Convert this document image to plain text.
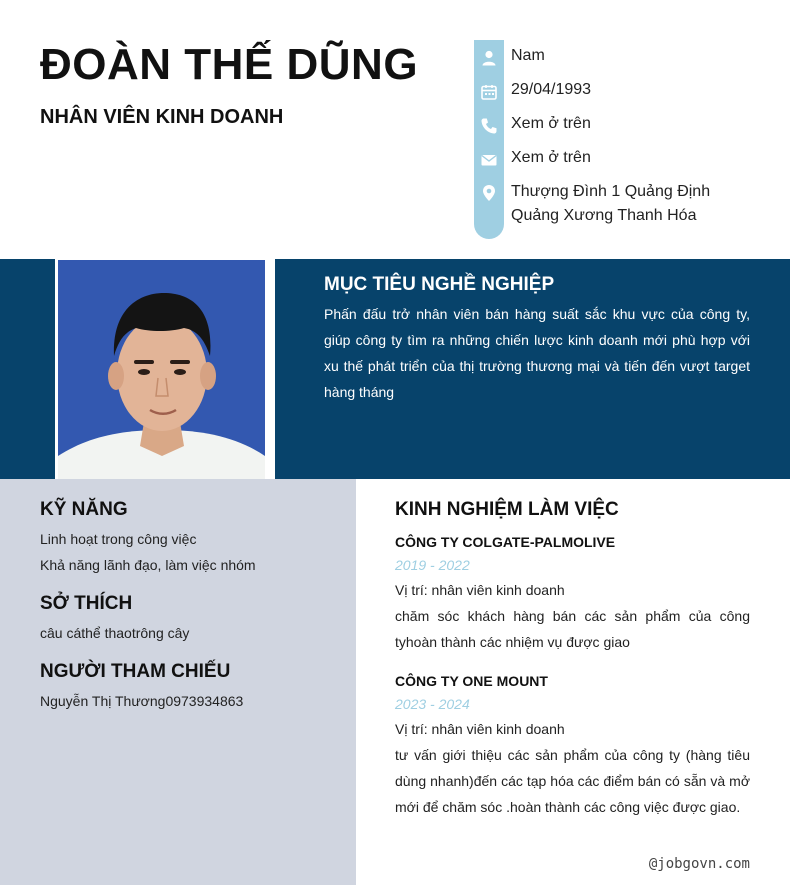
ĐOÀN THẾ DŨNG
NHÂN VIÊN KINH DOANH

Nam

29/04/1993

Xem ở trên

Xem ở trên

Thượng Đình 1 Quảng Định
Quảng Xương Thanh Hóa
MỤC TIÊU NGHỀ NGHIỆP

Phấn đấu trở nhân viên bán hàng suất sắc khu vực của công ty, giúp công ty tìm ra những chiến lược kinh doanh mới phù hợp với xu thế phát triển của thị trường thương mại và tiến đến vượt target hàng tháng

KỸ NĂNG

Linh hoạt trong công việc

Khả năng lãnh đạo, làm việc nhóm

SỞ THÍCH

câu cáthể thaotrông cây

NGƯỜI THAM CHIẾU

Nguyễn Thị Thương0973934863

KINH NGHIỆM LÀM VIỆC

CÔNG TY COLGATE-PALMOLIVE

2019 - 2022

Vị trí: nhân viên kinh doanh

chăm sóc khách hàng bán các sản phẩm của công tyhoàn thành các nhiệm vụ được giao

CÔNG TY ONE MOUNT

2023 - 2024

Vị trí: nhân viên kinh doanh

tư vấn giới thiệu các sản phẩm của công ty (hàng tiêu dùng nhanh)đến các tạp hóa các điểm bán có sẵn và mở mới để chăm sóc .hoàn thành các công việc được giao.

@jobgovn.com
